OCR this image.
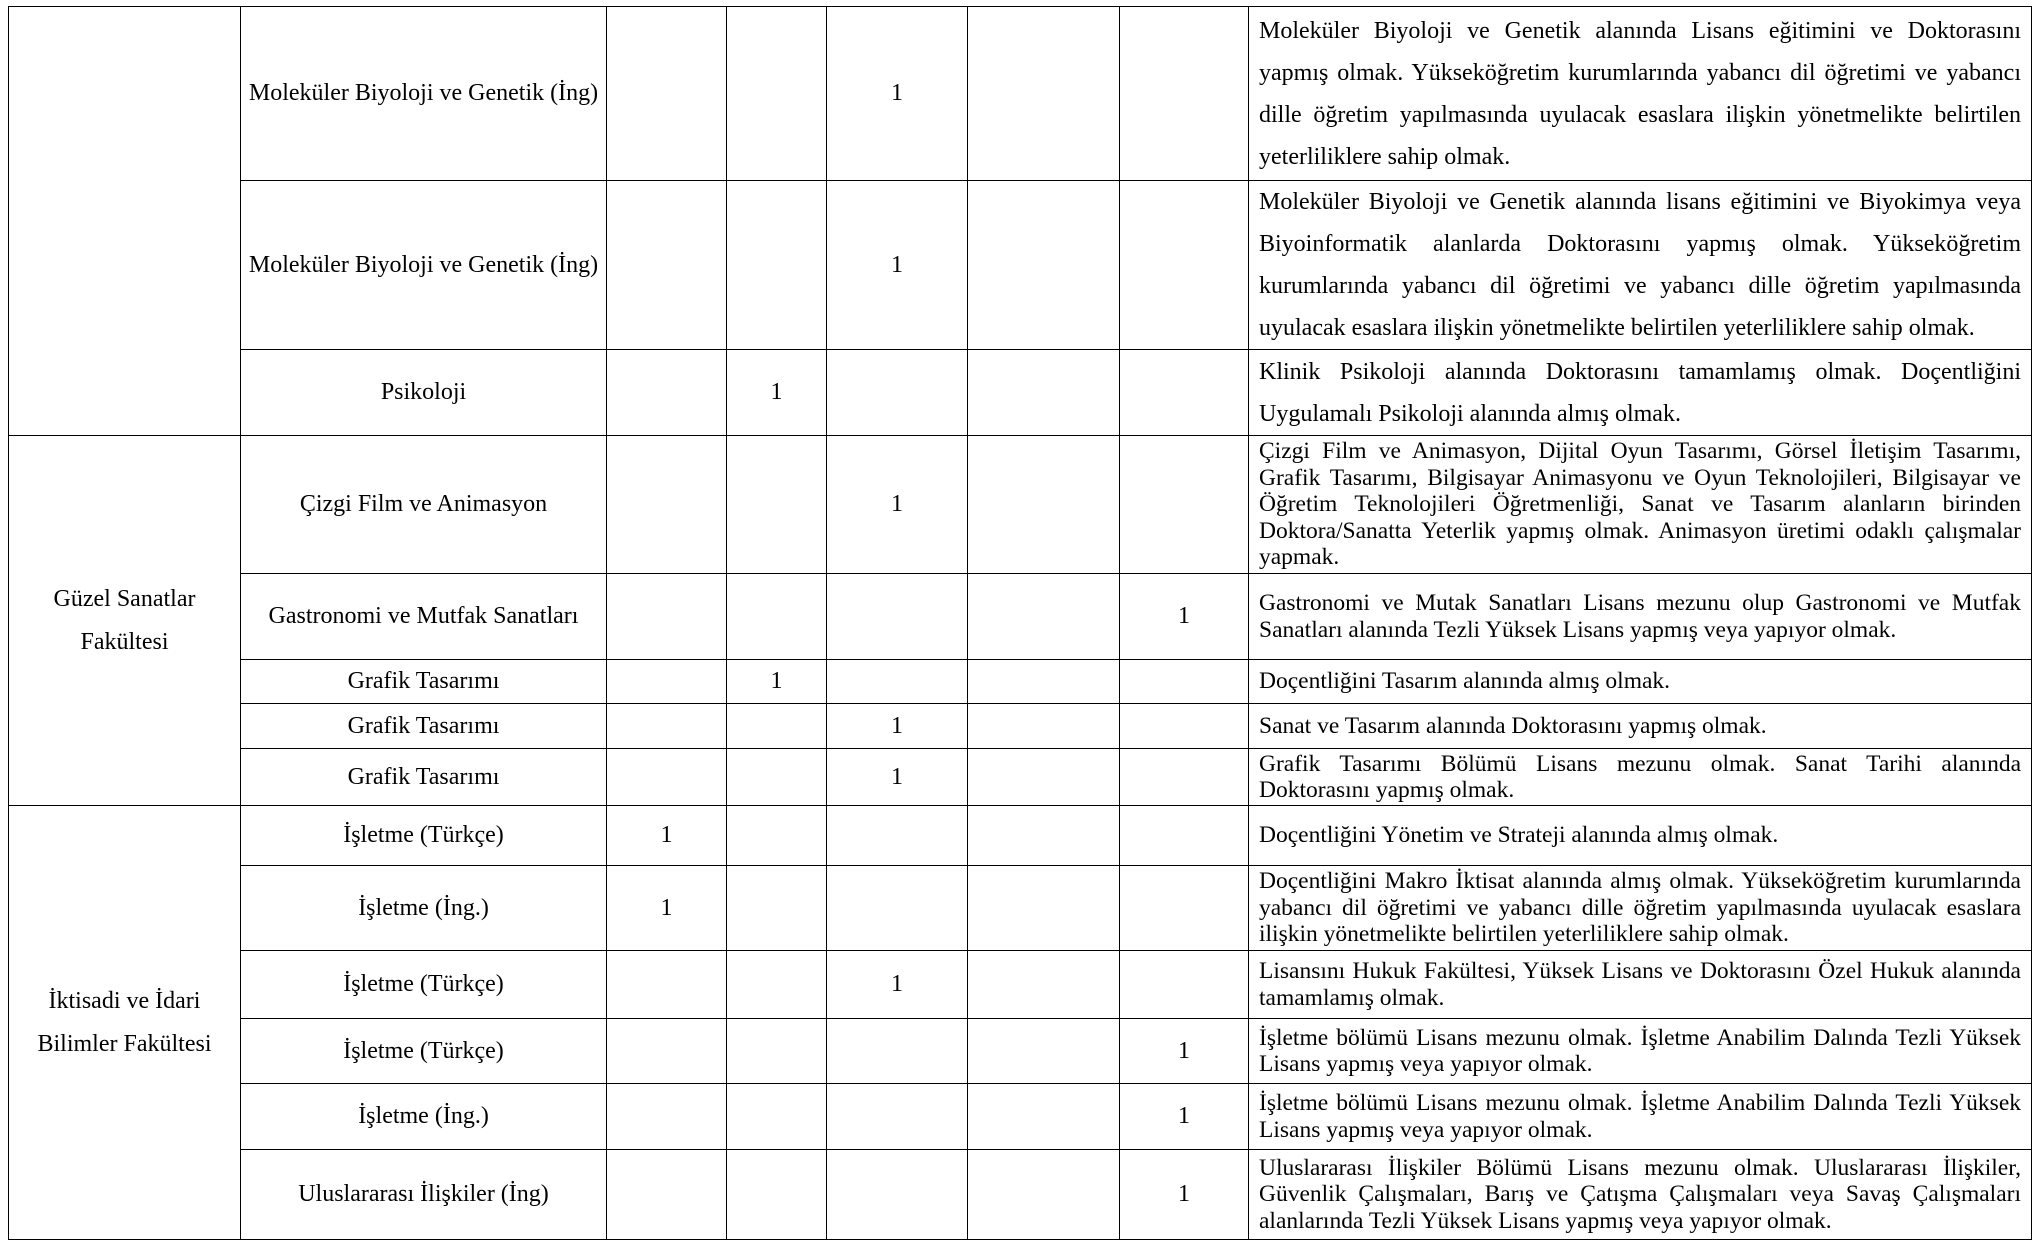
	Moleküler Biyoloji ve Genetik (İng)			1			Moleküler Biyoloji ve Genetik alanında Lisans eğitimini ve Doktorasını yapmış olmak. Yükseköğretim kurumlarında yabancı dil öğretimi ve yabancı dille öğretim yapılmasında uyulacak esaslara ilişkin yönetmelikte belirtilen yeterliliklere sahip olmak.
	Moleküler Biyoloji ve Genetik (İng)			1			Moleküler Biyoloji ve Genetik alanında lisans eğitimini ve Biyokimya veya Biyoinformatik alanlarda Doktorasını yapmış olmak. Yükseköğretim kurumlarında yabancı dil öğretimi ve yabancı dille öğretim yapılmasında uyulacak esaslara ilişkin yönetmelikte belirtilen yeterliliklere sahip olmak.
	Psikoloji		1				Klinik Psikoloji alanında Doktorasını tamamlamış olmak. Doçentliğini Uygulamalı Psikoloji alanında almış olmak.
Güzel Sanatlar Fakültesi	Çizgi Film ve Animasyon			1			Çizgi Film ve Animasyon, Dijital Oyun Tasarımı, Görsel İletişim Tasarımı, Grafik Tasarımı, Bilgisayar Animasyonu ve Oyun Teknolojileri, Bilgisayar ve Öğretim Teknolojileri Öğretmenliği, Sanat ve Tasarım alanların birinden Doktora/Sanatta Yeterlik yapmış olmak. Animasyon üretimi odaklı çalışmalar yapmak.
	Gastronomi ve Mutfak Sanatları					1	Gastronomi ve Mutak Sanatları Lisans mezunu olup Gastronomi ve Mutfak Sanatları alanında Tezli Yüksek Lisans yapmış veya yapıyor olmak.
	Grafik Tasarımı		1				Doçentliğini Tasarım alanında almış olmak.
	Grafik Tasarımı			1			Sanat ve Tasarım alanında Doktorasını yapmış olmak.
	Grafik Tasarımı			1			Grafik Tasarımı Bölümü Lisans mezunu olmak. Sanat Tarihi alanında Doktorasını yapmış olmak.
İktisadi ve İdari Bilimler Fakültesi	İşletme (Türkçe)	1					Doçentliğini Yönetim ve Strateji alanında almış olmak.
	İşletme (İng.)	1					Doçentliğini Makro İktisat alanında almış olmak. Yükseköğretim kurumlarında yabancı dil öğretimi ve yabancı dille öğretim yapılmasında uyulacak esaslara ilişkin yönetmelikte belirtilen yeterliliklere sahip olmak.
	İşletme (Türkçe)			1			Lisansını Hukuk Fakültesi, Yüksek Lisans ve Doktorasını Özel Hukuk alanında tamamlamış olmak.
	İşletme (Türkçe)					1	İşletme bölümü Lisans mezunu olmak. İşletme Anabilim Dalında Tezli Yüksek Lisans yapmış veya yapıyor olmak.
	İşletme (İng.)					1	İşletme bölümü Lisans mezunu olmak. İşletme Anabilim Dalında Tezli Yüksek Lisans yapmış veya yapıyor olmak.
	Uluslararası İlişkiler (İng)					1	Uluslararası İlişkiler Bölümü Lisans mezunu olmak. Uluslararası İlişkiler, Güvenlik Çalışmaları, Barış ve Çatışma Çalışmaları veya Savaş Çalışmaları alanlarında Tezli Yüksek Lisans yapmış veya yapıyor olmak.
